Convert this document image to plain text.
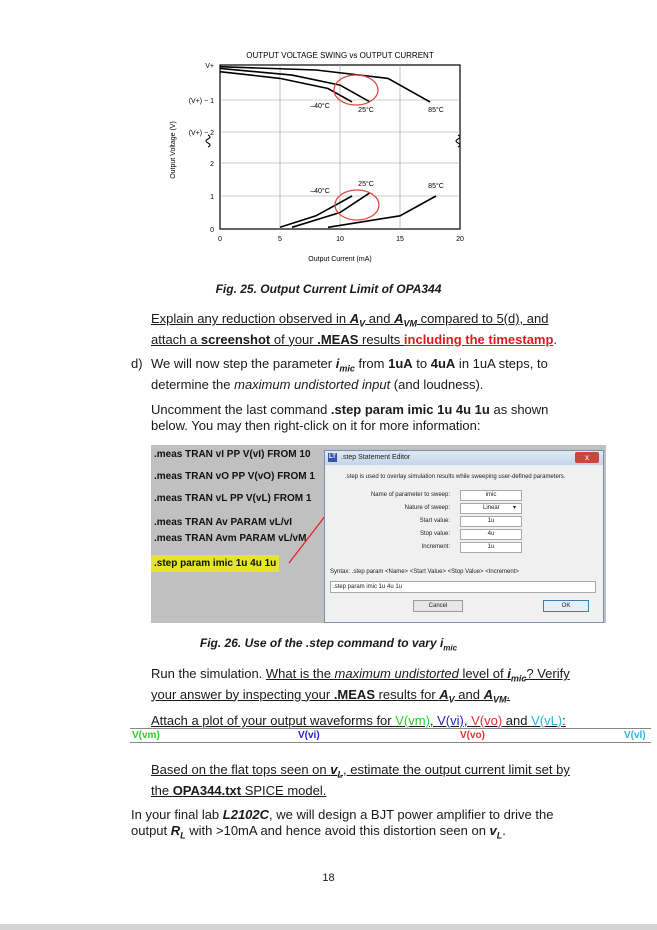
OUTPUT VOLTAGE SWING vs OUTPUT CURRENT
0	5	10	15	20
V+
(V+) − 1
(V+) − 2
2
1
0
–40°C
25°C	85°C
–40°C
25°C	85°C
Output Current (mA)
Output Voltage (V)
Fig. 25. Output Current Limit of OPA344
Explain any reduction observed in $A_V$ and $A_{VM}$ compared to 5(d), and
attach a screenshot of your .MEAS results including the timestamp.
d) We will now step the parameter $i_{mic}$ from 1uA to 4uA in 1uA steps, to
determine the maximum undistorted input (and loudness).
Uncomment the last command .step param imic 1u 4u 1u as shown
below. You may then right-click on it for more information:
.meas TRAN vI PP V(vI) FROM 10
.meas TRAN vO PP V(vO) FROM 1
.meas TRAN vL PP V(vL) FROM 1
.meas TRAN Av PARAM vL/vI
.meas TRAN Avm PARAM vL/vM
.step param imic 1u 4u 1u
LT .step Statement Editor	x
.step is used to overlay simulation results while sweeping user-defined parameters.
Name of parameter to sweep:	imic
Nature of sweep:	Linear ▾
Start value:	1u
Stop value:	4u
Increment:	1u
Syntax: .step param <Name> <Start Value> <Stop Value> <Increment>
.step param imic 1u 4u 1u
Cancel	OK
Fig. 26. Use of the .step command to vary $i_{mic}$
Run the simulation. What is the maximum undistorted level of $i_{mic}$? Verify
your answer by inspecting your .MEAS results for $A_V$ and $A_{VM}$.
Attach a plot of your output waveforms for V(vm), V(vi), V(vo) and V(vL):
V(vm)	V(vi)	V(vo)	V(vl)
Based on the flat tops seen on $v_L$, estimate the output current limit set by
the OPA344.txt SPICE model.
In your final lab L2102C, we will design a BJT power amplifier to drive the
output $R_L$ with >10mA and hence avoid this distortion seen on $v_L$.
18
